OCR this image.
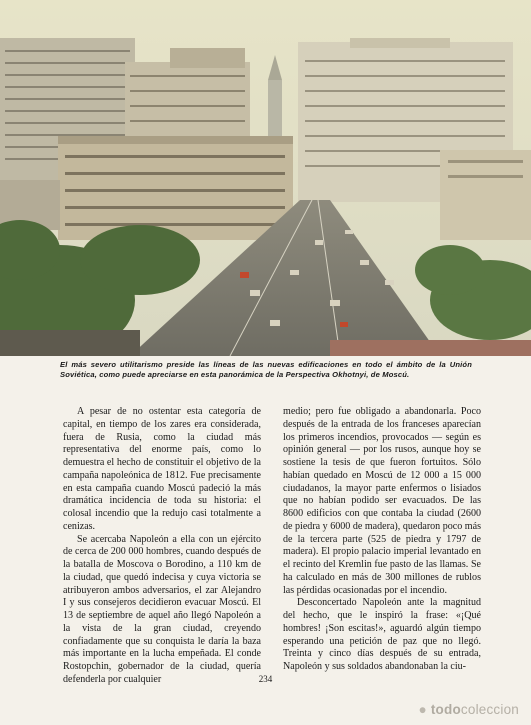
El más severo utilitarismo preside las líneas de las nuevas edificaciones en todo el ámbito de la Unión Soviética, como puede apreciarse en esta panorámica de la Perspectiva Okhotnyi, de Moscú.

A pesar de no ostentar esta categoría de capital, en tiempo de los zares era considerada, fuera de Rusia, como la ciudad más representativa del enorme país, como lo demuestra el hecho de constituir el objetivo de la campaña napoleónica de 1812. Fue precisamente en esta campaña cuando Moscú padeció la más dramática incidencia de toda su historia: el colosal incendio que la redujo casi totalmente a cenizas.

Se acercaba Napoleón a ella con un ejército de cerca de 200 000 hombres, cuando después de la batalla de Moscova o Borodino, a 110 km de la ciudad, que quedó indecisa y cuya victoria se atribuyeron ambos adversarios, el zar Alejandro I y sus consejeros decidieron evacuar Moscú. El 13 de septiembre de aquel año llegó Napoleón a la vista de la gran ciudad, creyendo confiadamente que su conquista le daría la baza más importante en la lucha empeñada. El conde Rostopchin, gobernador de la ciudad, quería defenderla por cualquier

medio; pero fue obligado a abandonarla. Poco después de la entrada de los franceses aparecían los primeros incendios, provocados — según es opinión general — por los rusos, aunque hoy se sostiene la tesis de que fueron fortuitos. Sólo habían quedado en Moscú de 12 000 a 15 000 ciudadanos, la mayor parte enfermos o lisiados que no habían podido ser evacuados. De las 8600 edificios con que contaba la ciudad (2600 de piedra y 6000 de madera), quedaron poco más de la tercera parte (525 de piedra y 1797 de madera). El propio palacio imperial levantado en el recinto del Kremlin fue pasto de las llamas. Se ha calculado en más de 300 millones de rublos las pérdidas ocasionadas por el incendio.

Desconcertado Napoleón ante la magnitud del hecho, que le inspiró la frase: «¡Qué hombres! ¡Son escitas!», aguardó algún tiempo esperando una petición de paz que no llegó. Treinta y cinco días después de su entrada, Napoleón y sus soldados abandonaban la ciu-

234
● todocoleccion
